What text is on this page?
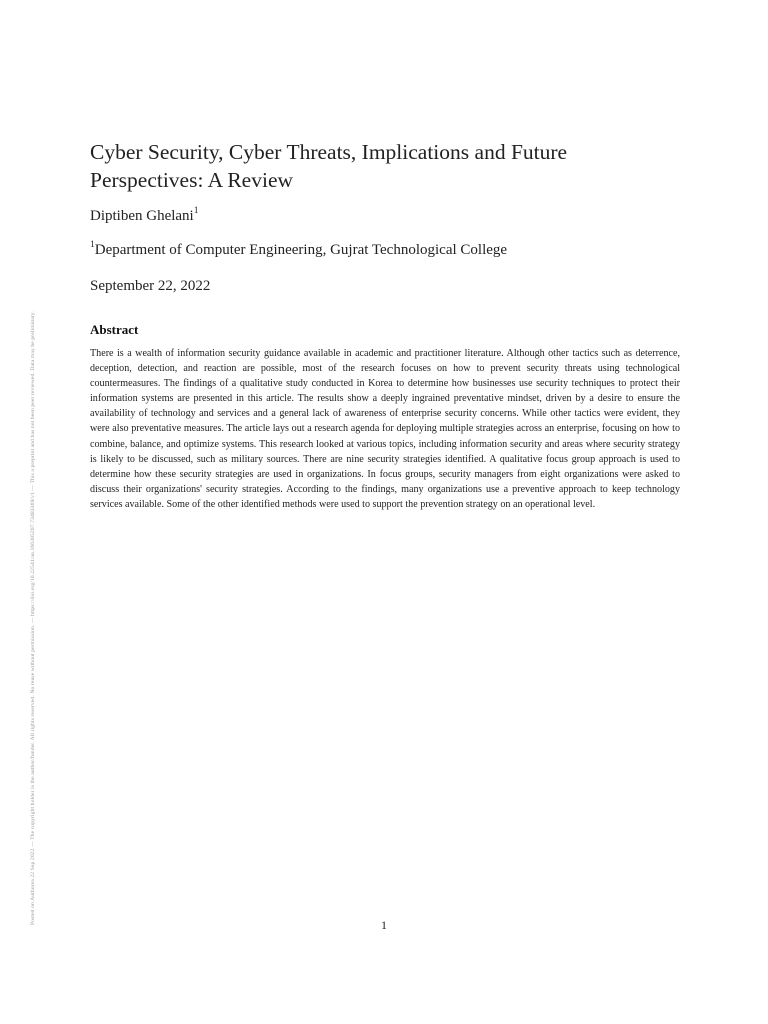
Posted on Authorea 22 Sep 2022 — The copyright holder is the author/funder. All rights reserved. No reuse without permission. — https://doi.org/10.22541/au.166385207.73483369/v1 — This a preprint and has not been peer reviewed. Data may be preliminary.
Cyber Security, Cyber Threats, Implications and Future Perspectives: A Review
Diptiben Ghelani$^1$
$^1$Department of Computer Engineering, Gujrat Technological College
September 22, 2022
Abstract

There is a wealth of information security guidance available in academic and practitioner literature. Although other tactics such as deterrence, deception, detection, and reaction are possible, most of the research focuses on how to prevent security threats using technological countermeasures. The findings of a qualitative study conducted in Korea to determine how businesses use security techniques to protect their information systems are presented in this article. The results show a deeply ingrained preventative mindset, driven by a desire to ensure the availability of technology and services and a general lack of awareness of enterprise security concerns. While other tactics were evident, they were also preventative measures. The article lays out a research agenda for deploying multiple strategies across an enterprise, focusing on how to combine, balance, and optimize systems. This research looked at various topics, including information security and areas where security strategy is likely to be discussed, such as military sources. There are nine security strategies identified. A qualitative focus group approach is used to determine how these security strategies are used in organizations. In focus groups, security managers from eight organizations were asked to discuss their organizations' security strategies. According to the findings, many organizations use a preventive approach to keep technology services available. Some of the other identified methods were used to support the prevention strategy on an operational level.

1
